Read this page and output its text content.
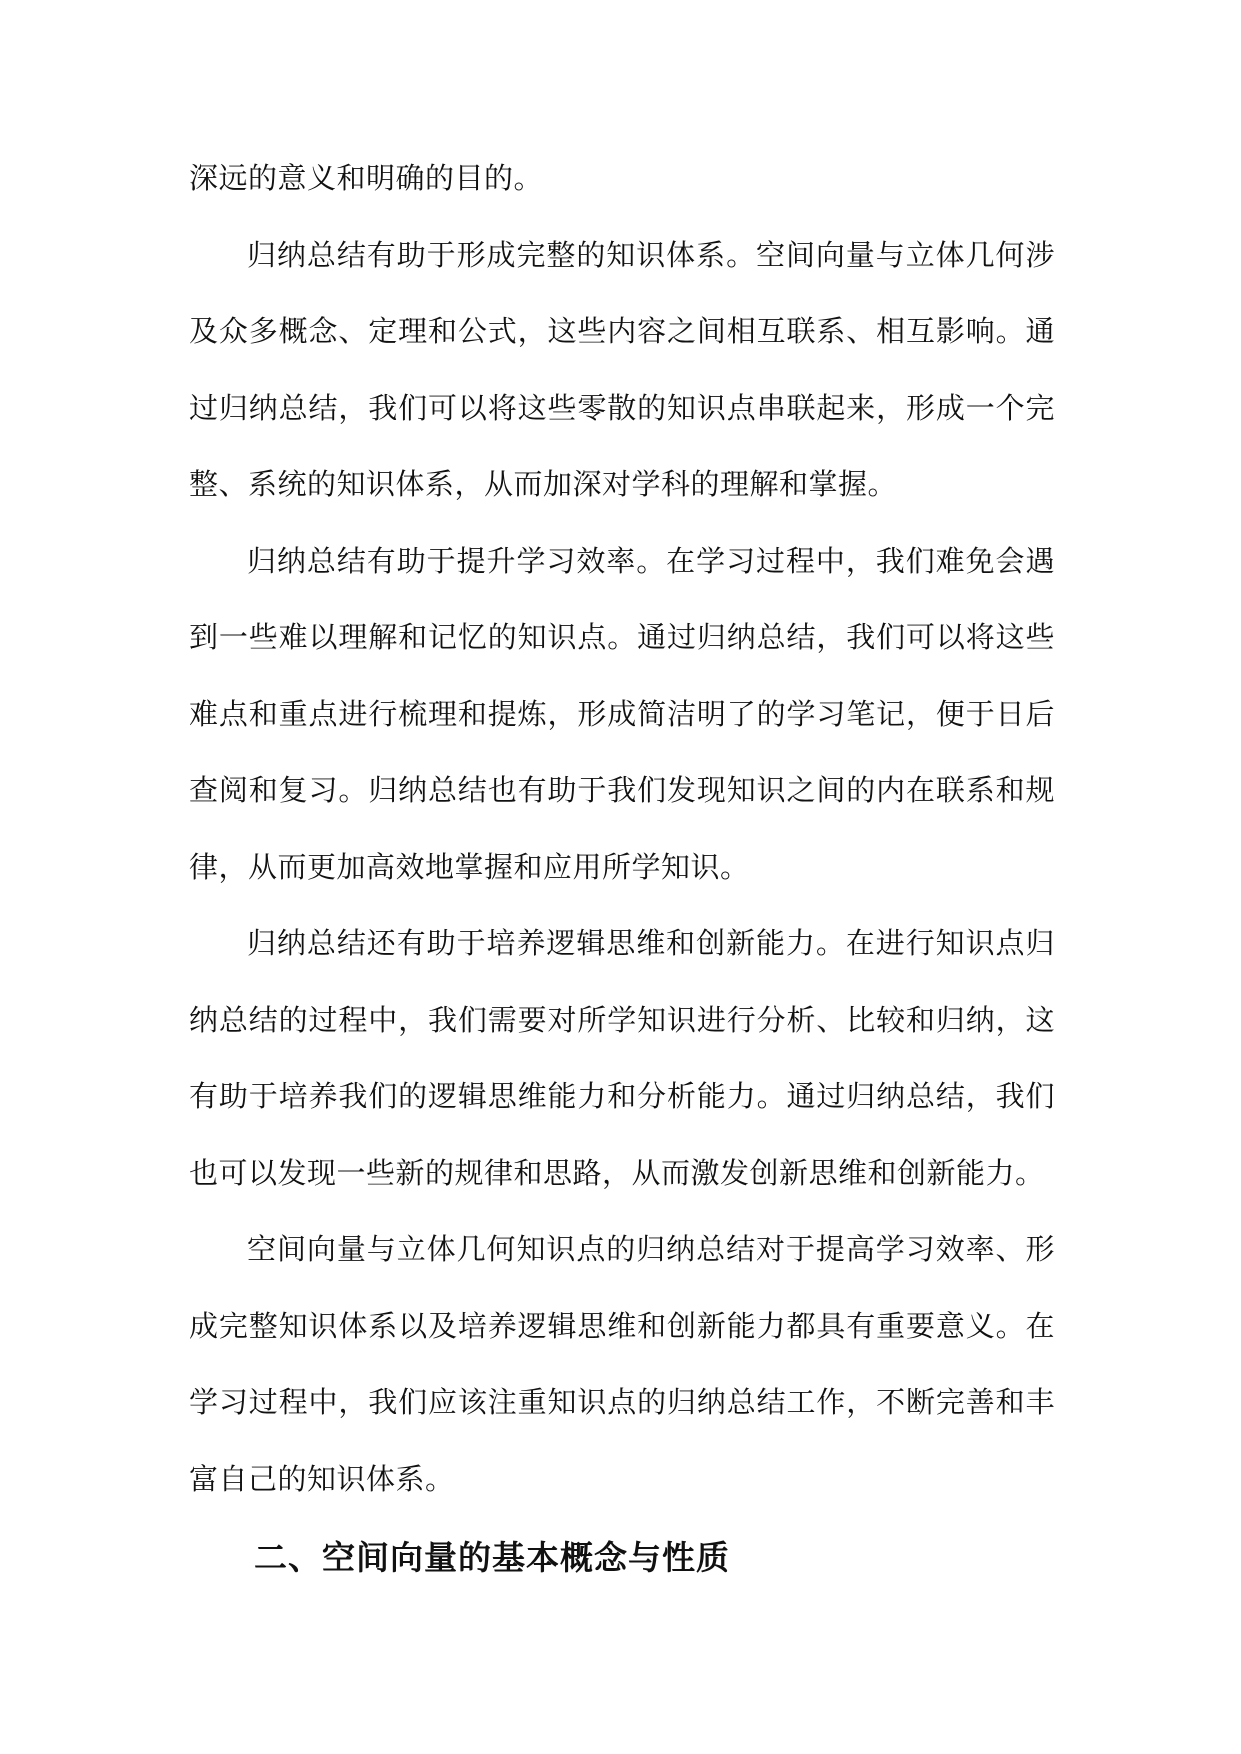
深远的意义和明确的目的。

归纳总结有助于形成完整的知识体系。空间向量与立体几何涉及众多概念、定理和公式，这些内容之间相互联系、相互影响。通过归纳总结，我们可以将这些零散的知识点串联起来，形成一个完整、系统的知识体系，从而加深对学科的理解和掌握。

归纳总结有助于提升学习效率。在学习过程中，我们难免会遇到一些难以理解和记忆的知识点。通过归纳总结，我们可以将这些难点和重点进行梳理和提炼，形成简洁明了的学习笔记，便于日后查阅和复习。归纳总结也有助于我们发现知识之间的内在联系和规律，从而更加高效地掌握和应用所学知识。

归纳总结还有助于培养逻辑思维和创新能力。在进行知识点归纳总结的过程中，我们需要对所学知识进行分析、比较和归纳，这有助于培养我们的逻辑思维能力和分析能力。通过归纳总结，我们也可以发现一些新的规律和思路，从而激发创新思维和创新能力。

空间向量与立体几何知识点的归纳总结对于提高学习效率、形成完整知识体系以及培养逻辑思维和创新能力都具有重要意义。在学习过程中，我们应该注重知识点的归纳总结工作，不断完善和丰富自己的知识体系。

二、空间向量的基本概念与性质
